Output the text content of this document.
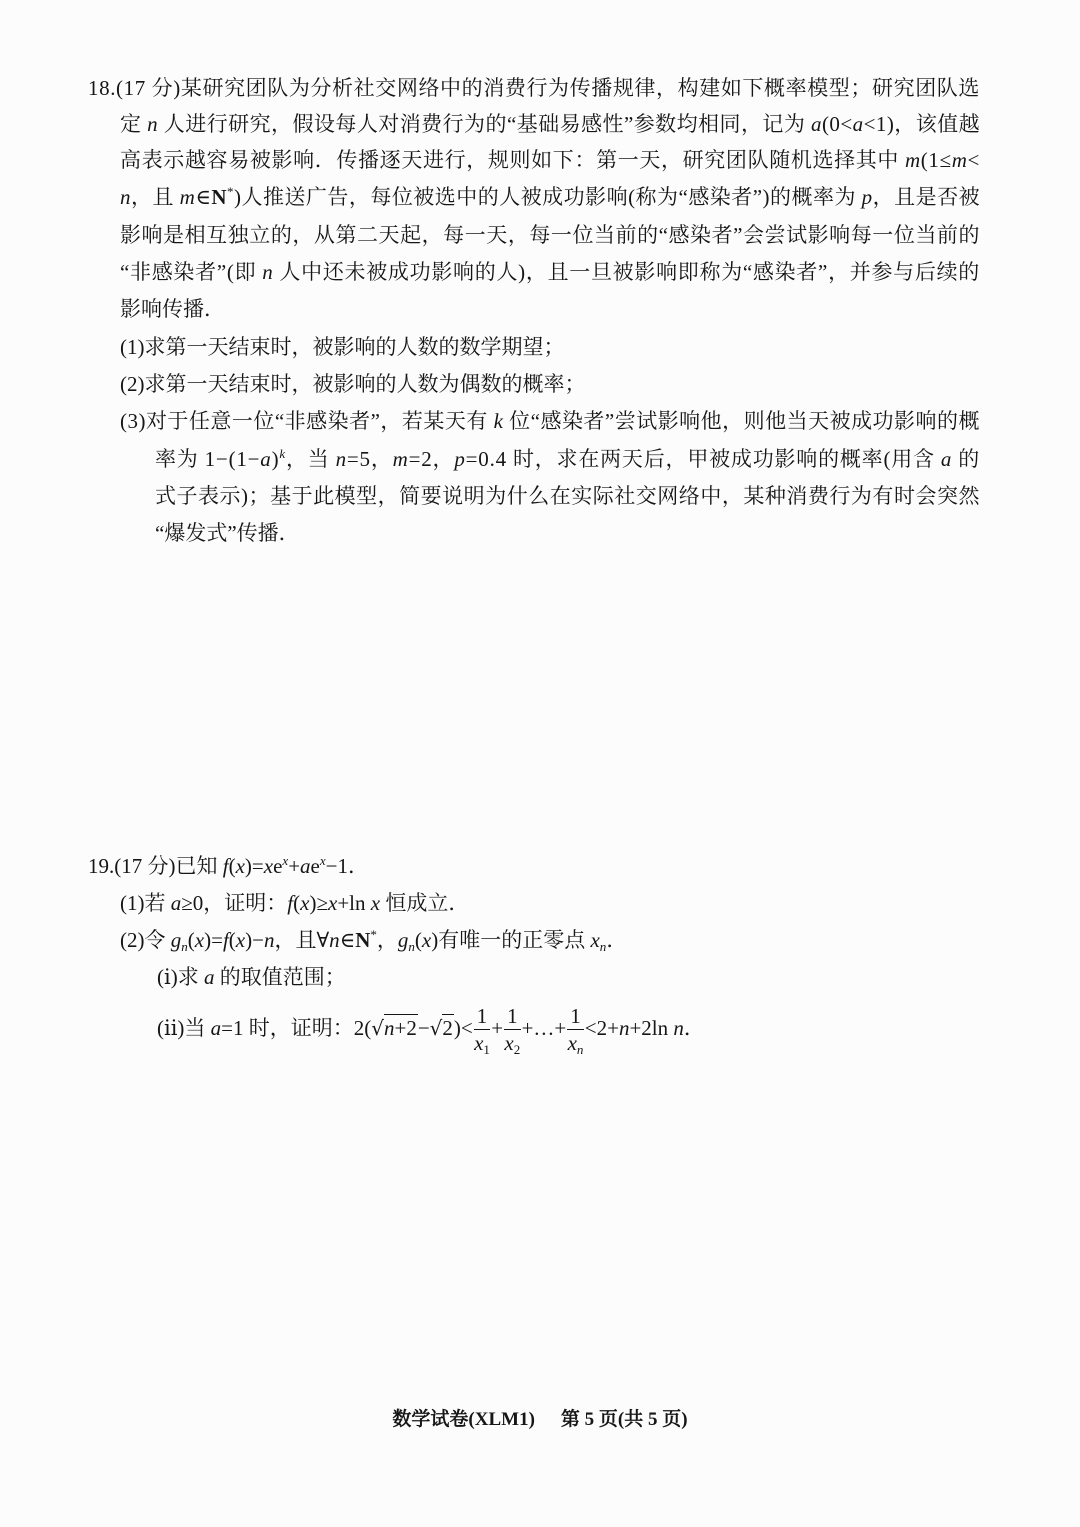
18.(17 分)某研究团队为分析社交网络中的消费行为传播规律，构建如下概率模型；研究团队选
定 n 人进行研究，假设每人对消费行为的“基础易感性”参数均相同，记为 a(0<a<1)，该值越
高表示越容易被影响．传播逐天进行，规则如下：第一天，研究团队随机选择其中 m(1≤m<
n，且 m∈N*)人推送广告，每位被选中的人被成功影响(称为“感染者”)的概率为 p，且是否被
影响是相互独立的，从第二天起，每一天，每一位当前的“感染者”会尝试影响每一位当前的
“非感染者”(即 n 人中还未被成功影响的人)，且一旦被影响即称为“感染者”，并参与后续的
影响传播．
(1)求第一天结束时，被影响的人数的数学期望；
(2)求第一天结束时，被影响的人数为偶数的概率；
(3)对于任意一位“非感染者”，若某天有 k 位“感染者”尝试影响他，则他当天被成功影响的概
率为 $1-(1-a)^k$，当 n=5，m=2，p=0.4 时，求在两天后，甲被成功影响的概率(用含 a 的
式子表示)；基于此模型，简要说明为什么在实际社交网络中，某种消费行为有时会突然
“爆发式”传播．
19.(17 分)已知 $f(x)=xe^x+ae^x-1$．
(1)若 a≥0，证明：f(x)≥x+ln x 恒成立．
(2)令 $g_n(x)=f(x)-n$，且∀n∈N*，$g_n(x)$有唯一的正零点 $x_n$．
(ⅰ)求 a 的取值范围；
(ⅱ)当 a=1 时，证明：$2(√n+2-√2)< \frac{1}{x_1} + \frac{1}{x_2}$ +…+ $\frac{1}{x_n} <2+n+2\ln$ n．
数学试卷(XLM1) 第 5 页(共 5 页)
